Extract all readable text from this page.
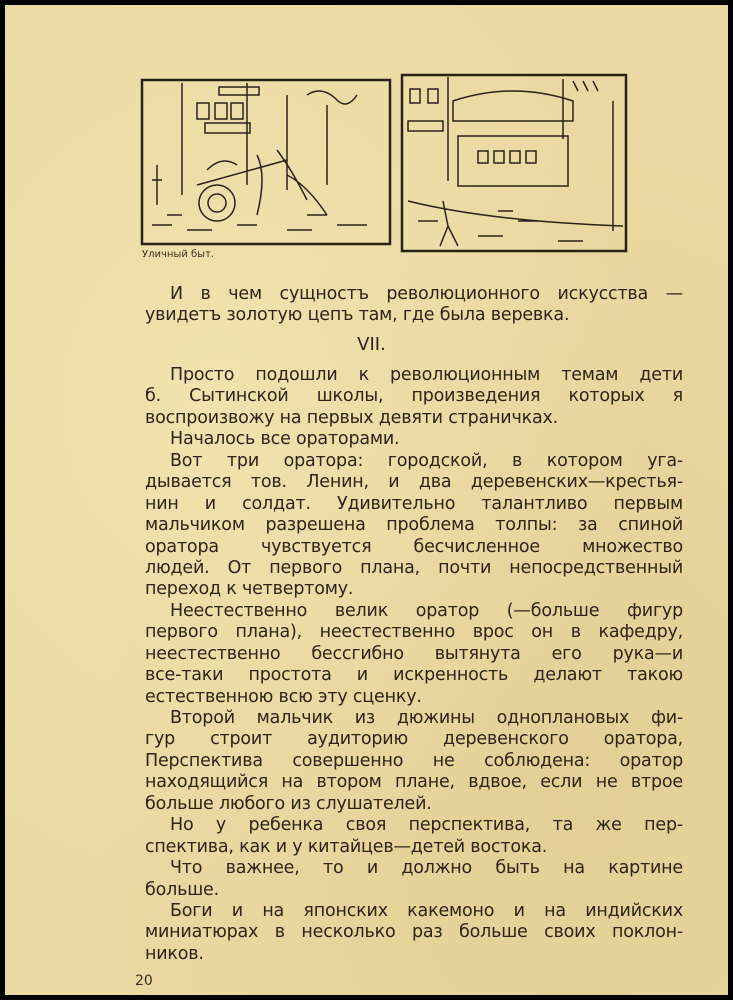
Уличный быт.
И в чем сущностъ революционного искусства —
увидетъ золотую цепъ там, где была веревка.
VII.
Просто подошли к революционным темам дети
б. Сытинской школы, произведения которых я
воспроизвожу на первых девяти страничках.
Началось все ораторами.
Вот три оратора: городской, в котором уга-
дывается тов. Ленин, и два деревенских—крестья-
нин и солдат. Удивительно талантливо первым
мальчиком разрешена проблема толпы: за спиной
оратора чувствуется бесчисленное множество
людей. От первого плана, почти непосредственный
переход к четвертому.
Неестественно велик оратор (—больше фигур
первого плана), неестественно врос он в кафедру,
неестественно бессгибно вытянута его рука—и
все-таки простота и искренность делают такою
естественною всю эту сценку.
Второй мальчик из дюжины одноплановых фи-
гур строит аудиторию деревенского оратора,
Перспектива совершенно не соблюдена: оратор
находящийся на втором плане, вдвое, если не втрое
больше любого из слушателей.
Но у ребенка своя перспектива, та же пер-
спектива, как и у китайцев—детей востока.
Что важнее, то и должно быть на картине
больше.
Боги и на японских какемоно и на индийских
миниатюрах в несколько раз больше своих поклон-
ников.
20
